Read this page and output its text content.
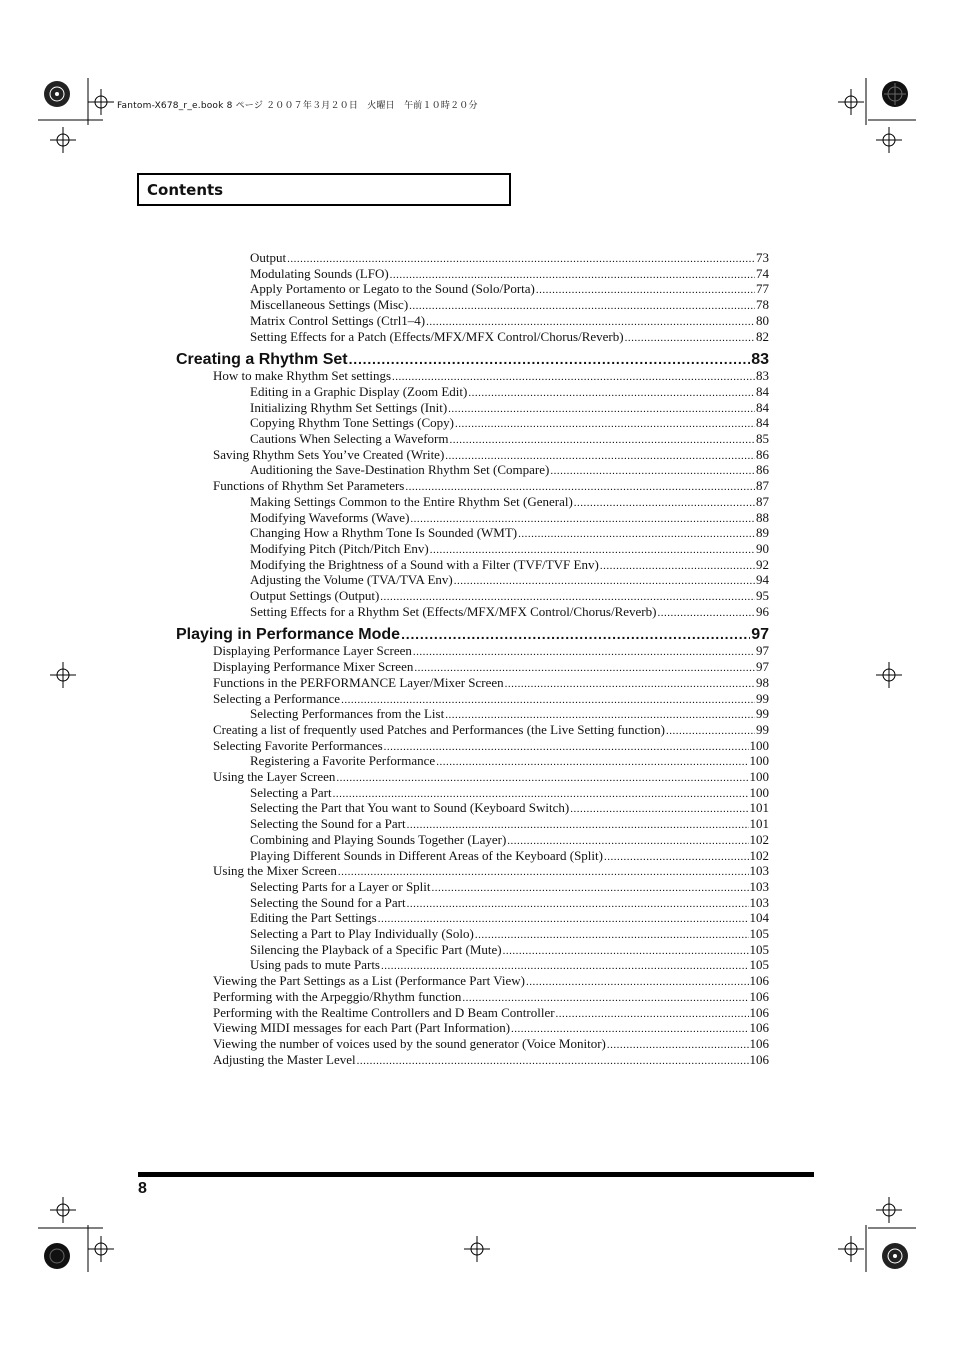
Fantom-X678_r_e.book 8 ページ ２００７年３月２０日　火曜日　午前１０時２０分
Contents
Output .....	73
Modulating Sounds (LFO) .....	74
Apply Portamento or Legato to the Sound (Solo/Porta) .....	77
Miscellaneous Settings (Misc) .....	78
Matrix Control Settings (Ctrl1–4) .....	80
Setting Effects for a Patch (Effects/MFX/MFX Control/Chorus/Reverb) .....	82
Creating a Rhythm Set .....	83
How to make Rhythm Set settings .....	83
Editing in a Graphic Display (Zoom Edit) .....	84
Initializing Rhythm Set Settings (Init) .....	84
Copying Rhythm Tone Settings (Copy) .....	84
Cautions When Selecting a Waveform .....	85
Saving Rhythm Sets You’ve Created (Write) .....	86
Auditioning the Save-Destination Rhythm Set (Compare) .....	86
Functions of Rhythm Set Parameters .....	87
Making Settings Common to the Entire Rhythm Set (General) .....	87
Modifying Waveforms (Wave) .....	88
Changing How a Rhythm Tone Is Sounded (WMT) .....	89
Modifying Pitch (Pitch/Pitch Env) .....	90
Modifying the Brightness of a Sound with a Filter (TVF/TVF Env) .....	92
Adjusting the Volume (TVA/TVA Env) .....	94
Output Settings (Output) .....	95
Setting Effects for a Rhythm Set (Effects/MFX/MFX Control/Chorus/Reverb) .....	96
Playing in Performance Mode .....	97
Displaying Performance Layer Screen .....	97
Displaying Performance Mixer Screen .....	97
Functions in the PERFORMANCE Layer/Mixer Screen .....	98
Selecting a Performance .....	99
Selecting Performances from the List .....	99
Creating a list of frequently used Patches and Performances (the Live Setting function) .....	99
Selecting Favorite Performances .....	100
Registering a Favorite Performance .....	100
Using the Layer Screen .....	100
Selecting a Part .....	100
Selecting the Part that You want to Sound (Keyboard Switch) .....	101
Selecting the Sound for a Part .....	101
Combining and Playing Sounds Together (Layer) .....	102
Playing Different Sounds in Different Areas of the Keyboard (Split) .....	102
Using the Mixer Screen .....	103
Selecting Parts for a Layer or Split .....	103
Selecting the Sound for a Part .....	103
Editing the Part Settings .....	104
Selecting a Part to Play Individually (Solo) .....	105
Silencing the Playback of a Specific Part (Mute) .....	105
Using pads to mute Parts .....	105
Viewing the Part Settings as a List (Performance Part View) .....	106
Performing with the Arpeggio/Rhythm function .....	106
Performing with the Realtime Controllers and D Beam Controller .....	106
Viewing MIDI messages for each Part (Part Information) .....	106
Viewing the number of voices used by the sound generator (Voice Monitor) .....	106
Adjusting the Master Level .....	106
8
